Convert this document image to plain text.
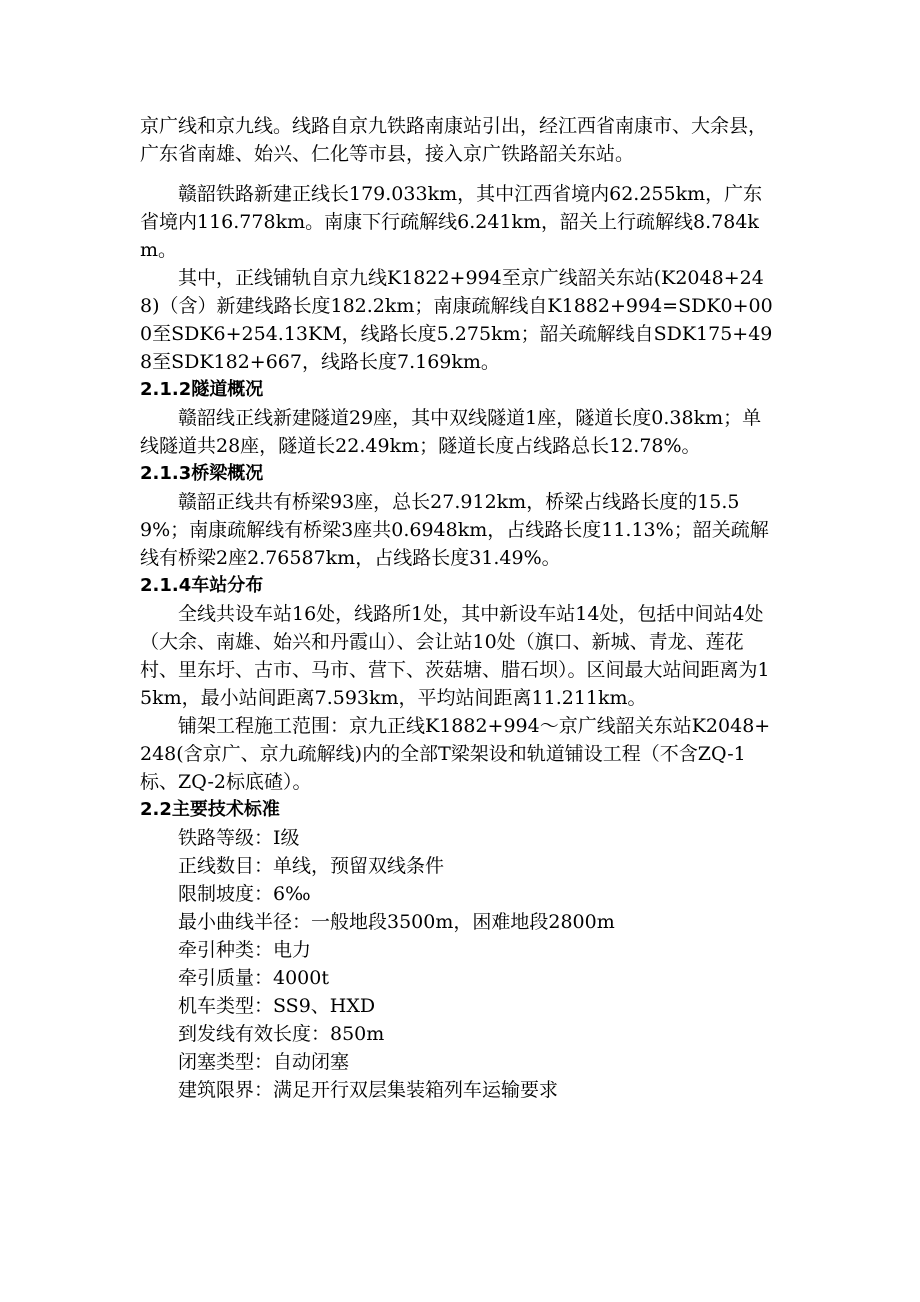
京广线和京九线。线路自京九铁路南康站引出，经江西省南康市、大余县，广东省南雄、始兴、仁化等市县，接入京广铁路韶关东站。

赣韶铁路新建正线长179.033km，其中江西省境内62.255km，广东省境内116.778km。南康下行疏解线6.241km，韶关上行疏解线8.784km。

其中，正线铺轨自京九线K1822+994至京广线韶关东站(K2048+248)（含）新建线路长度182.2km；南康疏解线自K1882+994=SDK0+000至SDK6+254.13KM，线路长度5.275km；韶关疏解线自SDK175+498至SDK182+667，线路长度7.169km。

2.1.2隧道概况

赣韶线正线新建隧道29座，其中双线隧道1座，隧道长度0.38km；单线隧道共28座，隧道长22.49km；隧道长度占线路总长12.78%。

2.1.3桥梁概况

赣韶正线共有桥梁93座，总长27.912km，桥梁占线路长度的15.59%；南康疏解线有桥梁3座共0.6948km，占线路长度11.13%；韶关疏解线有桥梁2座2.76587km，占线路长度31.49%。

2.1.4车站分布

全线共设车站16处，线路所1处，其中新设车站14处，包括中间站4处（大余、南雄、始兴和丹霞山）、会让站10处（旗口、新城、青龙、莲花村、里东圩、古市、马市、营下、茨菇塘、腊石坝）。区间最大站间距离为15km，最小站间距离7.593km，平均站间距离11.211km。

铺架工程施工范围：京九正线K1882+994～京广线韶关东站K2048+248(含京广、京九疏解线)内的全部T梁架设和轨道铺设工程（不含ZQ-1标、ZQ-2标底碴）。

2.2主要技术标准
铁路等级：Ⅰ级
正线数目：单线，预留双线条件
限制坡度：6‰
最小曲线半径：一般地段3500m，困难地段2800m
牵引种类：电力
牵引质量：4000t
机车类型：SS9、HXD
到发线有效长度：850m
闭塞类型：自动闭塞
建筑限界：满足开行双层集装箱列车运输要求
